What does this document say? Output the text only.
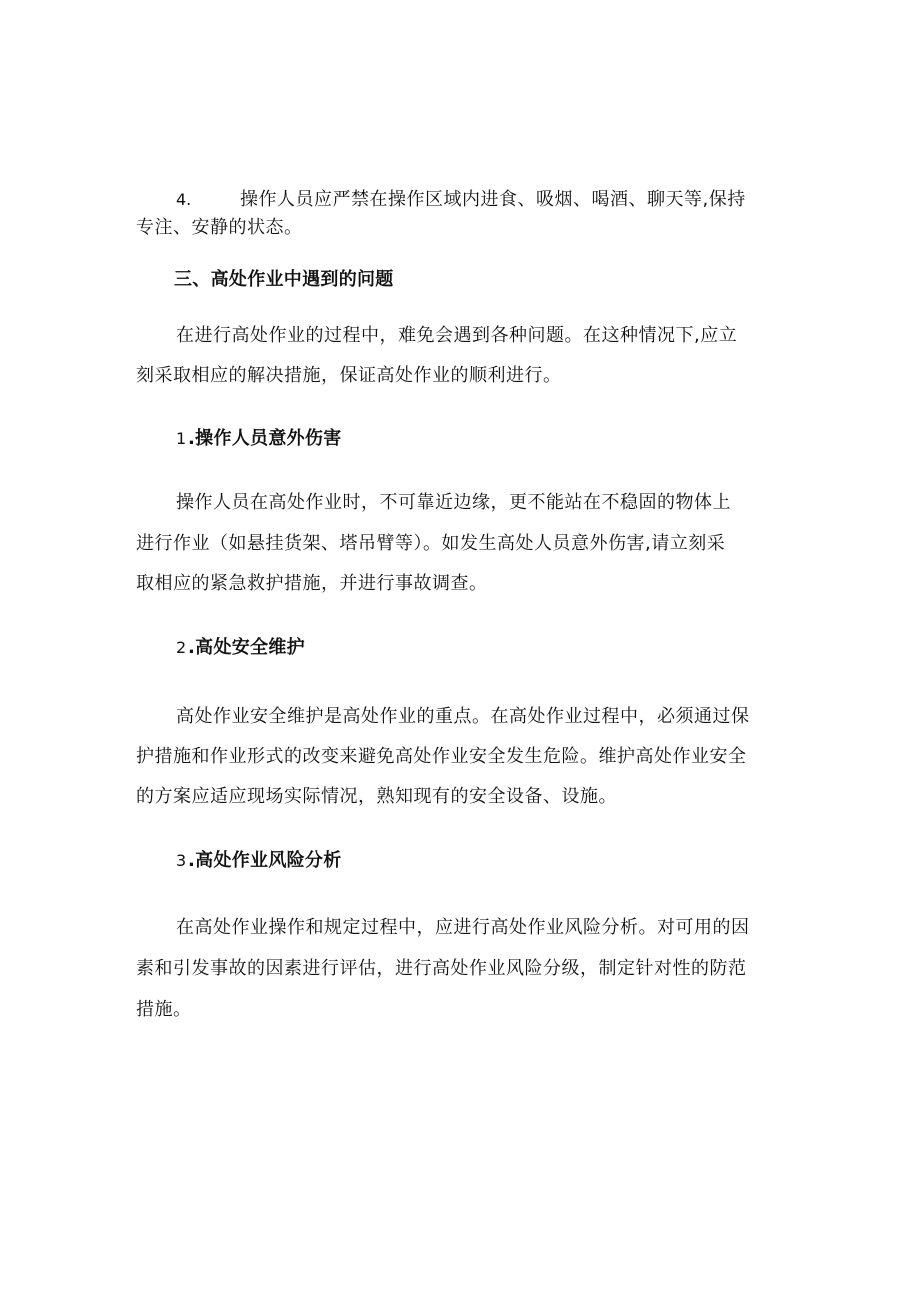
4.	操作人员应严禁在操作区域内进食、吸烟、喝酒、聊天等,保持
专注、安静的状态。
三、高处作业中遇到的问题
在进行高处作业的过程中，难免会遇到各种问题。在这种情况下,应立
刻采取相应的解决措施，保证高处作业的顺利进行。
1 .操作人员意外伤害
操作人员在高处作业时，不可靠近边缘，更不能站在不稳固的物体上
进行作业（如悬挂货架、塔吊臂等）。如发生高处人员意外伤害,请立刻采
取相应的紧急救护措施，并进行事故调查。
2 .高处安全维护
高处作业安全维护是高处作业的重点。在高处作业过程中，必须通过保
护措施和作业形式的改变来避免高处作业安全发生危险。维护高处作业安全
的方案应适应现场实际情况，熟知现有的安全设备、设施。
3 .高处作业风险分析
在高处作业操作和规定过程中，应进行高处作业风险分析。对可用的因
素和引发事故的因素进行评估，进行高处作业风险分级，制定针对性的防范
措施。
